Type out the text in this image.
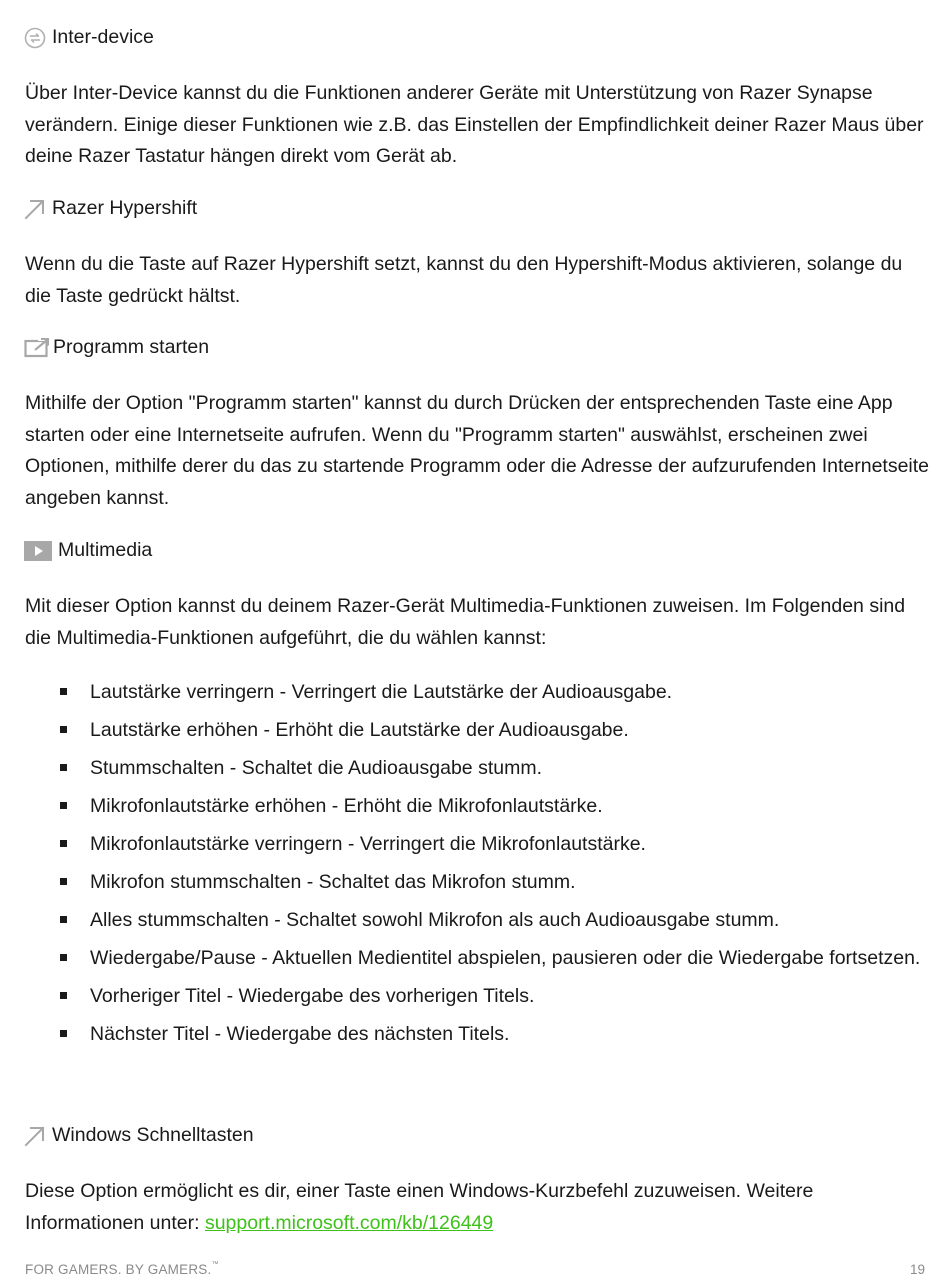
Inter-device

Über Inter-Device kannst du die Funktionen anderer Geräte mit Unterstützung von Razer Synapse verändern. Einige dieser Funktionen wie z.B. das Einstellen der Empfindlichkeit deiner Razer Maus über deine Razer Tastatur hängen direkt vom Gerät ab.

Razer Hypershift

Wenn du die Taste auf Razer Hypershift setzt, kannst du den Hypershift-Modus aktivieren, solange du die Taste gedrückt hältst.

Programm starten

Mithilfe der Option "Programm starten" kannst du durch Drücken der entsprechenden Taste eine App starten oder eine Internetseite aufrufen. Wenn du "Programm starten" auswählst, erscheinen zwei Optionen, mithilfe derer du das zu startende Programm oder die Adresse der aufzurufenden Internetseite angeben kannst.

Multimedia

Mit dieser Option kannst du deinem Razer-Gerät Multimedia-Funktionen zuweisen. Im Folgenden sind die Multimedia-Funktionen aufgeführt, die du wählen kannst:

Lautstärke verringern - Verringert die Lautstärke der Audioausgabe.
Lautstärke erhöhen - Erhöht die Lautstärke der Audioausgabe.
Stummschalten - Schaltet die Audioausgabe stumm.
Mikrofonlautstärke erhöhen - Erhöht die Mikrofonlautstärke.
Mikrofonlautstärke verringern - Verringert die Mikrofonlautstärke.
Mikrofon stummschalten - Schaltet das Mikrofon stumm.
Alles stummschalten - Schaltet sowohl Mikrofon als auch Audioausgabe stumm.
Wiedergabe/Pause - Aktuellen Medientitel abspielen, pausieren oder die Wiedergabe fortsetzen.
Vorheriger Titel - Wiedergabe des vorherigen Titels.
Nächster Titel - Wiedergabe des nächsten Titels.
Windows Schnelltasten

Diese Option ermöglicht es dir, einer Taste einen Windows-Kurzbefehl zuzuweisen. Weitere Informationen unter: support.microsoft.com/kb/126449

FOR GAMERS. BY GAMERS.™	19
